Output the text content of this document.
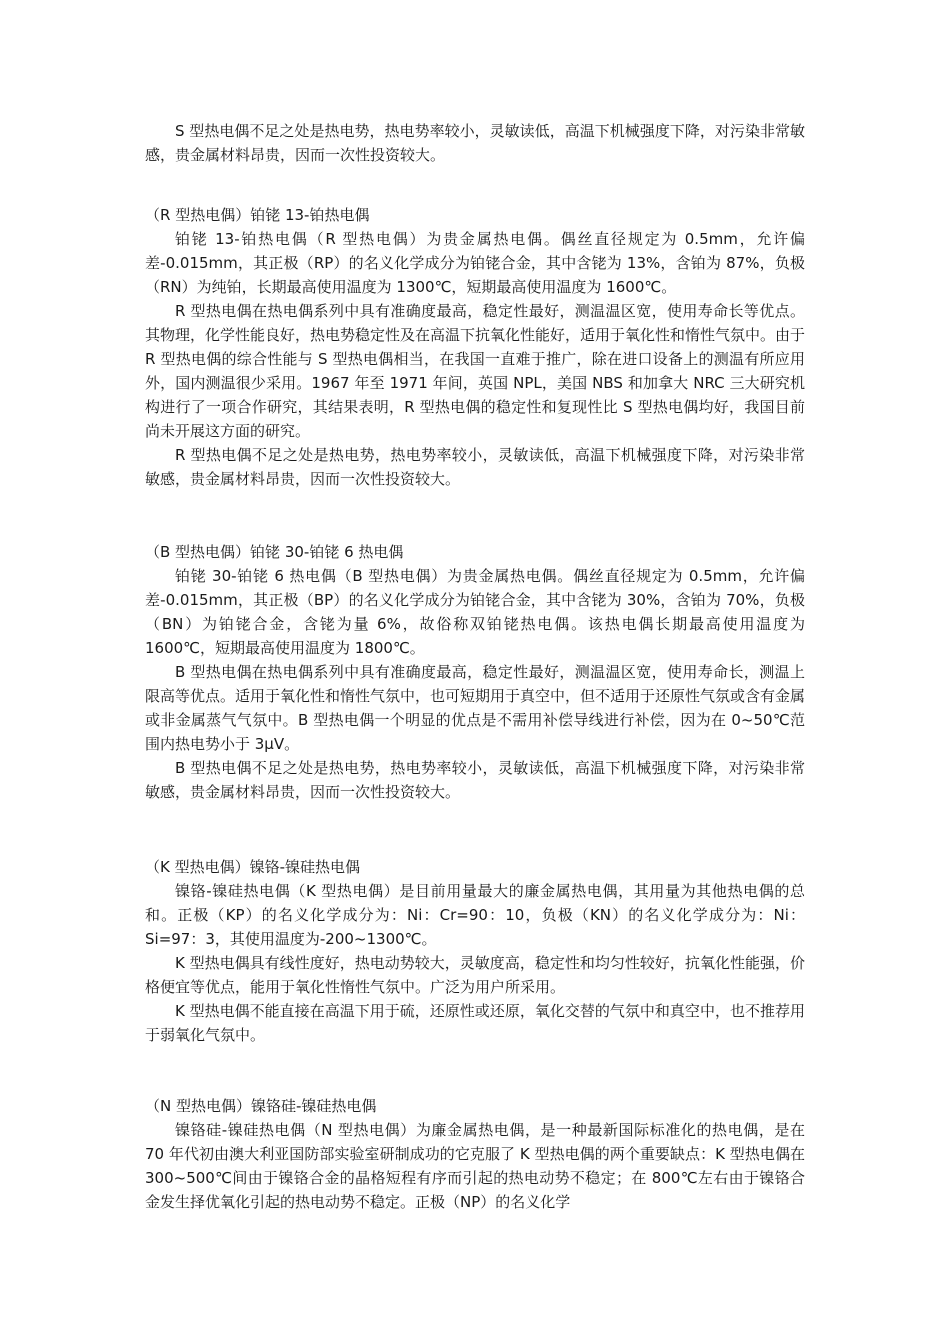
S 型热电偶不足之处是热电势，热电势率较小，灵敏读低，高温下机械强度下降，对污染非常敏感，贵金属材料昂贵，因而一次性投资较大。

（R 型热电偶）铂铑 13-铂热电偶

铂铑 13-铂热电偶（R 型热电偶）为贵金属热电偶。偶丝直径规定为 0.5mm，允许偏差-0.015mm，其正极（RP）的名义化学成分为铂铑合金，其中含铑为 13%，含铂为 87%，负极（RN）为纯铂，长期最高使用温度为 1300℃，短期最高使用温度为 1600℃。

R 型热电偶在热电偶系列中具有准确度最高，稳定性最好，测温温区宽，使用寿命长等优点。其物理，化学性能良好，热电势稳定性及在高温下抗氧化性能好，适用于氧化性和惰性气氛中。由于 R 型热电偶的综合性能与 S 型热电偶相当，在我国一直难于推广，除在进口设备上的测温有所应用外，国内测温很少采用。1967 年至 1971 年间，英国 NPL，美国 NBS 和加拿大 NRC 三大研究机构进行了一项合作研究，其结果表明，R 型热电偶的稳定性和复现性比 S 型热电偶均好，我国目前尚未开展这方面的研究。

R 型热电偶不足之处是热电势，热电势率较小，灵敏读低，高温下机械强度下降，对污染非常敏感，贵金属材料昂贵，因而一次性投资较大。

（B 型热电偶）铂铑 30-铂铑 6 热电偶

铂铑 30-铂铑 6 热电偶（B 型热电偶）为贵金属热电偶。偶丝直径规定为 0.5mm，允许偏差-0.015mm，其正极（BP）的名义化学成分为铂铑合金，其中含铑为 30%，含铂为 70%，负极（BN）为铂铑合金，含铑为量 6%，故俗称双铂铑热电偶。该热电偶长期最高使用温度为 1600℃，短期最高使用温度为 1800℃。

B 型热电偶在热电偶系列中具有准确度最高，稳定性最好，测温温区宽，使用寿命长，测温上限高等优点。适用于氧化性和惰性气氛中，也可短期用于真空中，但不适用于还原性气氛或含有金属或非金属蒸气气氛中。B 型热电偶一个明显的优点是不需用补偿导线进行补偿，因为在 0~50℃范围内热电势小于 3μV。

B 型热电偶不足之处是热电势，热电势率较小，灵敏读低，高温下机械强度下降，对污染非常敏感，贵金属材料昂贵，因而一次性投资较大。

（K 型热电偶）镍铬-镍硅热电偶

镍铬-镍硅热电偶（K 型热电偶）是目前用量最大的廉金属热电偶，其用量为其他热电偶的总和。正极（KP）的名义化学成分为：Ni：Cr=90：10，负极（KN）的名义化学成分为：Ni：Si=97：3，其使用温度为-200~1300℃。

K 型热电偶具有线性度好，热电动势较大，灵敏度高，稳定性和均匀性较好，抗氧化性能强，价格便宜等优点，能用于氧化性惰性气氛中。广泛为用户所采用。

K 型热电偶不能直接在高温下用于硫，还原性或还原，氧化交替的气氛中和真空中，也不推荐用于弱氧化气氛中。

（N 型热电偶）镍铬硅-镍硅热电偶

镍铬硅-镍硅热电偶（N 型热电偶）为廉金属热电偶，是一种最新国际标准化的热电偶，是在 70 年代初由澳大利亚国防部实验室研制成功的它克服了 K 型热电偶的两个重要缺点：K 型热电偶在 300~500℃间由于镍铬合金的晶格短程有序而引起的热电动势不稳定；在 800℃左右由于镍铬合金发生择优氧化引起的热电动势不稳定。正极（NP）的名义化学
